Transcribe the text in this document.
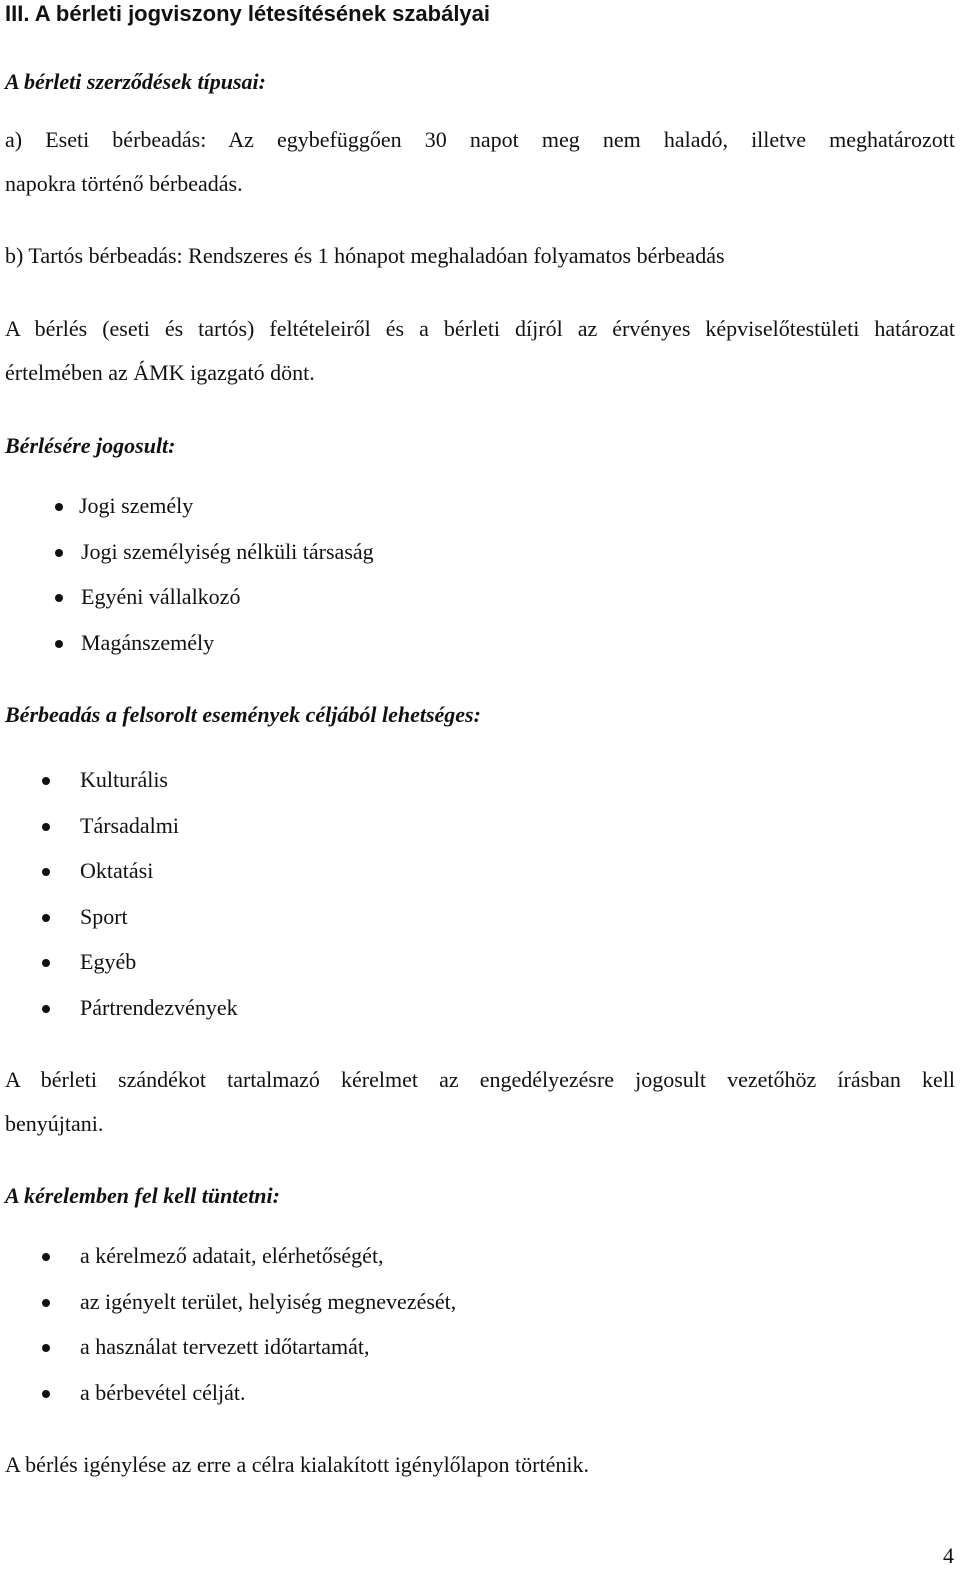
III. A bérleti jogviszony létesítésének szabályai
A bérleti szerződések típusai:
a) Eseti bérbeadás: Az egybefüggően 30 napot meg nem haladó, illetve meghatározott
napokra történő bérbeadás.
b) Tartós bérbeadás: Rendszeres és 1 hónapot meghaladóan folyamatos bérbeadás
A bérlés (eseti és tartós) feltételeiről és a bérleti díjról az érvényes képviselőtestületi határozat
értelmében az ÁMK igazgató dönt.
Bérlésére jogosult:
Jogi személy
Jogi személyiség nélküli társaság
Egyéni vállalkozó
Magánszemély
Bérbeadás a felsorolt események céljából lehetséges:
Kulturális
Társadalmi
Oktatási
Sport
Egyéb
Pártrendezvények
A bérleti szándékot tartalmazó kérelmet az engedélyezésre jogosult vezetőhöz írásban kell
benyújtani.
A kérelemben fel kell tüntetni:
a kérelmező adatait, elérhetőségét,
az igényelt terület, helyiség megnevezését,
a használat tervezett időtartamát,
a bérbevétel célját.
A bérlés igénylése az erre a célra kialakított igénylőlapon történik.
4
